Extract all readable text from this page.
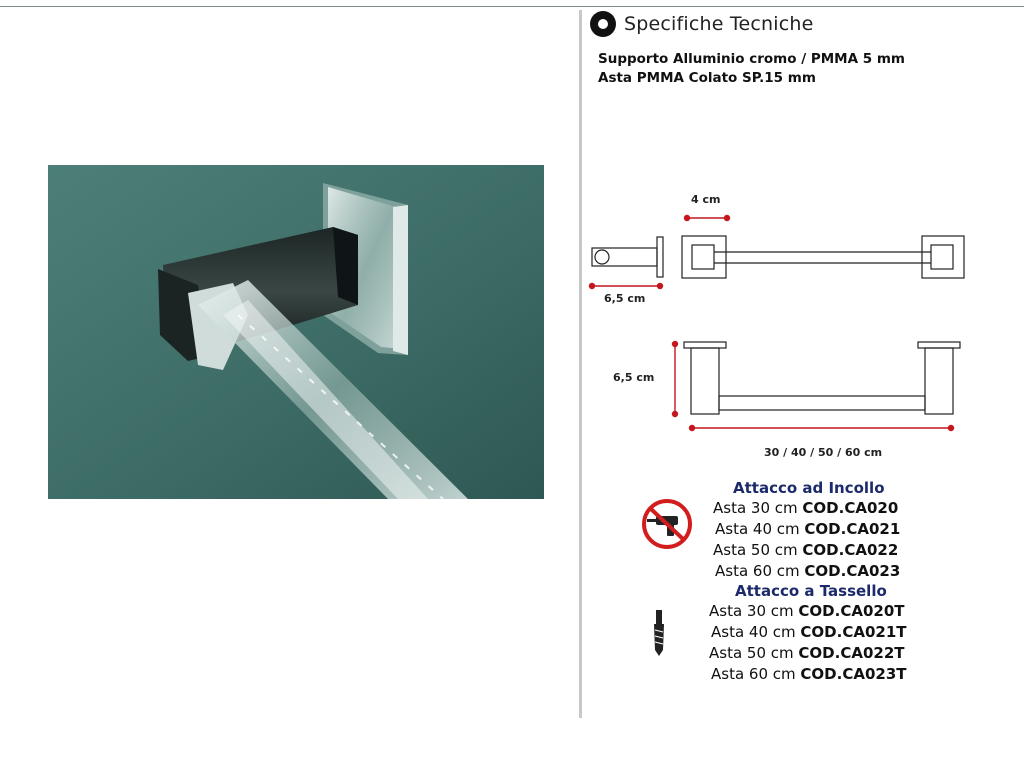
Specifiche Tecniche
Supporto Alluminio cromo / PMMA 5 mm
Asta PMMA Colato SP.15 mm
4 cm
6,5 cm
6,5 cm
30 / 40 / 50 / 60 cm
Attacco ad Incollo
Asta 30 cm COD.CA020
Asta 40 cm COD.CA021
Asta 50 cm COD.CA022
Asta 60 cm COD.CA023
Attacco a Tassello
Asta 30 cm COD.CA020T
Asta 40 cm COD.CA021T
Asta 50 cm COD.CA022T
Asta 60 cm COD.CA023T
